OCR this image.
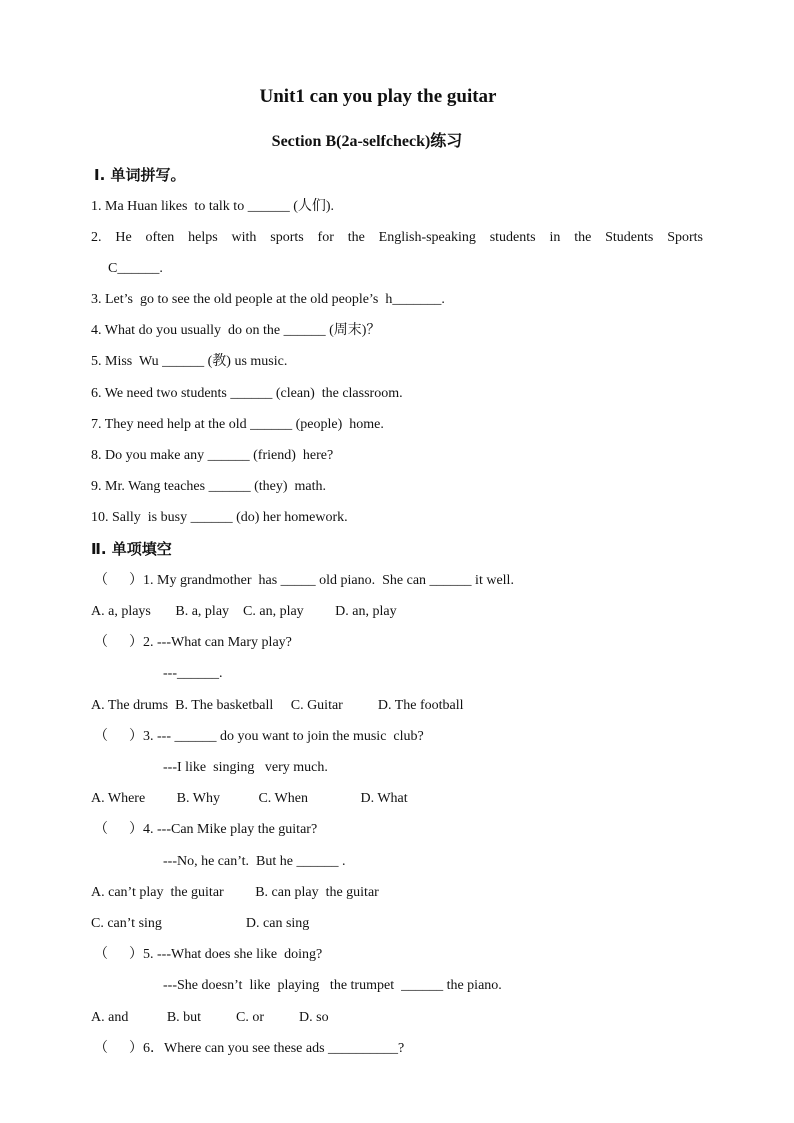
Unit1 can you play the guitar
Section B(2a-selfcheck)练习
Ⅰ. 单词拼写。
1. Ma Huan likes  to talk to ______ (人们).
2. He often helps with sports for the English-speaking students in the Students Sports
C______.
3. Let’s  go to see the old people at the old people’s  h_______.
4. What do you usually  do on the ______ (周末)？
5. Miss  Wu ______ (教) us music.
6. We need two students ______ (clean)  the classroom.
7. They need help at the old ______ (people)  home.
8. Do you make any ______ (friend)  here?
9. Mr. Wang teaches ______ (they)  math.
10. Sally  is busy ______ (do) her homework.
Ⅱ. 单项填空
（　  ）1. My grandmother  has _____ old piano.  She can ______ it well.
A. a, plays       B. a, play    C. an, play         D. an, play
（　  ）2. ---What can Mary play?
---______.
A. The drums  B. The basketball     C. Guitar          D. The football
（　  ）3. --- ______ do you want to join the music  club?
---I like  singing   very much.
A. Where         B. Why           C. When               D. What
（　  ）4. ---Can Mike play the guitar?
---No, he can’t.  But he ______ .
A. can’t play  the guitar         B. can play  the guitar
C. can’t sing                        D. can sing
（　  ）5. ---What does she like  doing?
---She doesn’t  like  playing   the trumpet  ______ the piano.
A. and           B. but          C. or          D. so
（　  ）6．Where can you see these ads __________?
